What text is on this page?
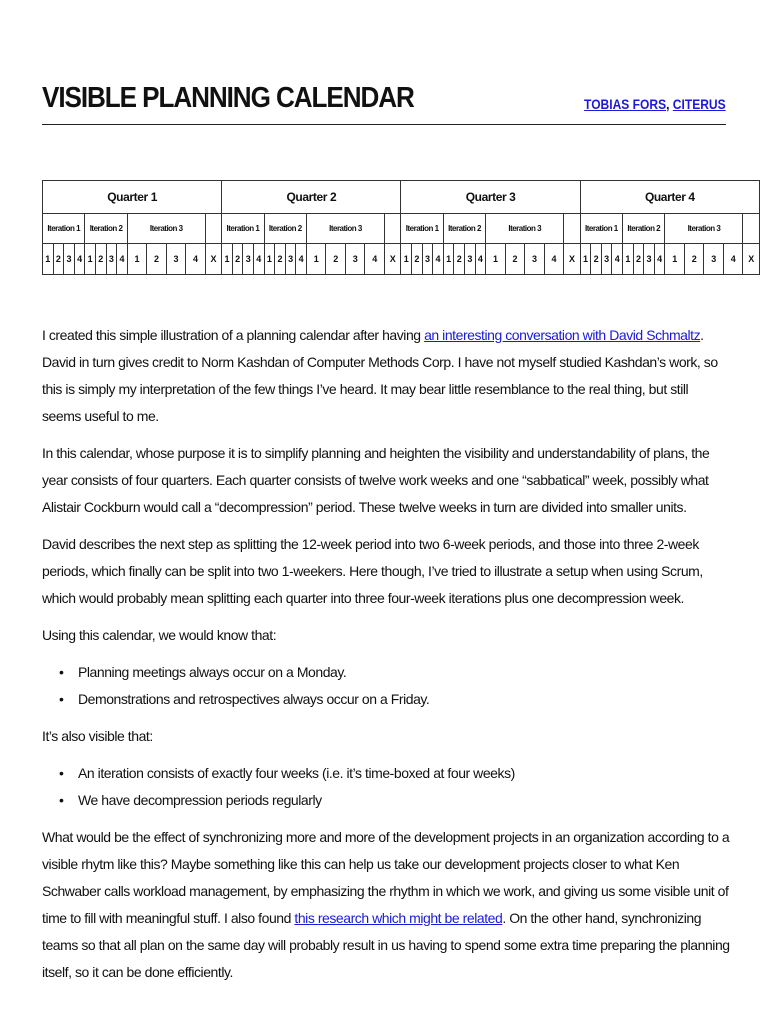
VISIBLE PLANNING CALENDAR	TOBIAS FORS, CITERUS
Quarter 1													Quarter 2													Quarter 3													Quarter 4												
Iteration 1				Iteration 2				Iteration 3					Iteration 1				Iteration 2				Iteration 3					Iteration 1				Iteration 2				Iteration 3					Iteration 1				Iteration 2				Iteration 3				
1	2	3	4	1	2	3	4	1	2	3	4	X	1	2	3	4	1	2	3	4	1	2	3	4	X	1	2	3	4	1	2	3	4	1	2	3	4	X	1	2	3	4	1	2	3	4	1	2	3	4	X

I created this simple illustration of a planning calendar after having an interesting conversation with David Schmaltz. David in turn gives credit to Norm Kashdan of Computer Methods Corp. I have not myself studied Kashdan’s work, so this is simply my interpretation of the few things I’ve heard. It may bear little resemblance to the real thing, but still seems useful to me.

In this calendar, whose purpose it is to simplify planning and heighten the visibility and understandability of plans, the year consists of four quarters. Each quarter consists of twelve work weeks and one “sabbatical” week, possibly what Alistair Cockburn would call a “decompression” period. These twelve weeks in turn are divided into smaller units.

David describes the next step as splitting the 12-week period into two 6-week periods, and those into three 2-week periods, which finally can be split into two 1-weekers. Here though, I’ve tried to illustrate a setup when using Scrum, which would probably mean splitting each quarter into three four-week iterations plus one decompression week.

Using this calendar, we would know that:

• Planning meetings always occur on a Monday.
• Demonstrations and retrospectives always occur on a Friday.

It’s also visible that:

• An iteration consists of exactly four weeks (i.e. it’s time-boxed at four weeks)
• We have decompression periods regularly

What would be the effect of synchronizing more and more of the development projects in an organization according to a visible rhytm like this? Maybe something like this can help us take our development projects closer to what Ken Schwaber calls workload management, by emphasizing the rhythm in which we work, and giving us some visible unit of time to fill with meaningful stuff. I also found this research which might be related. On the other hand, synchronizing teams so that all plan on the same day will probably result in us having to spend some extra time preparing the planning itself, so it can be done efficiently.
